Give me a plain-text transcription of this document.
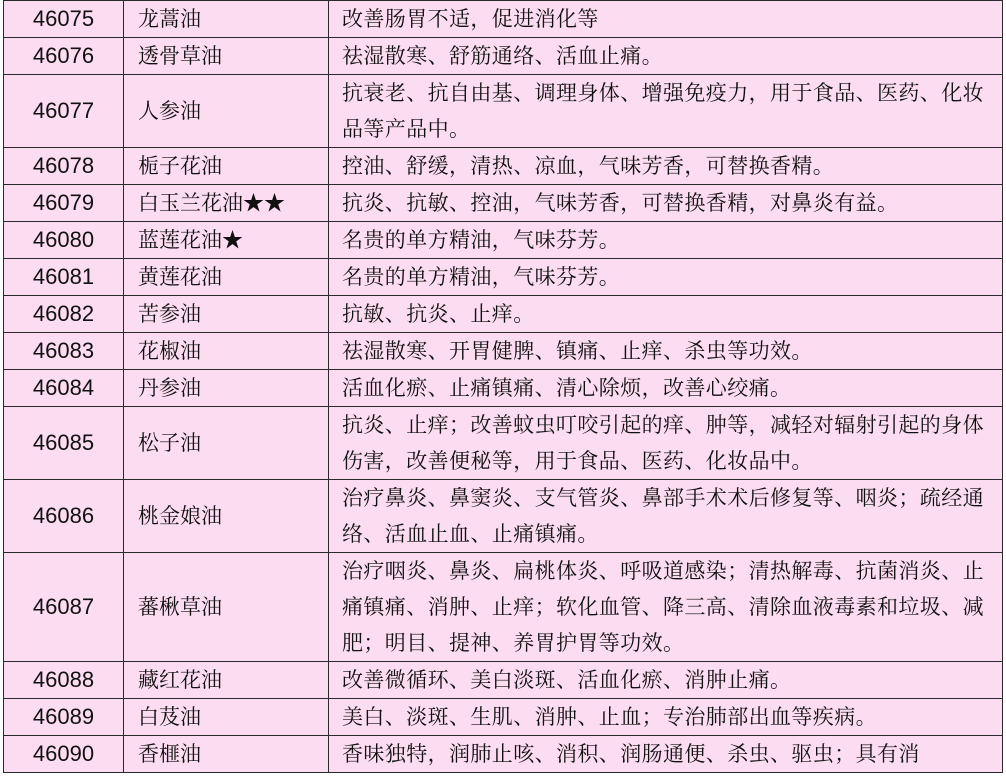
46075	龙蒿油	改善肠胃不适，促进消化等
46076	透骨草油	祛湿散寒、舒筋通络、活血止痛。
46077	人参油	抗衰老、抗自由基、调理身体、增强免疫力，用于食品、医药、化妆品等产品中。
46078	栀子花油	控油、舒缓，清热、凉血，气味芳香，可替换香精。
46079	白玉兰花油★★	抗炎、抗敏、控油，气味芳香，可替换香精，对鼻炎有益。
46080	蓝莲花油★	名贵的单方精油，气味芬芳。
46081	黄莲花油	名贵的单方精油，气味芬芳。
46082	苦参油	抗敏、抗炎、止痒。
46083	花椒油	祛湿散寒、开胃健脾、镇痛、止痒、杀虫等功效。
46084	丹参油	活血化瘀、止痛镇痛、清心除烦，改善心绞痛。
46085	松子油	抗炎、止痒；改善蚊虫叮咬引起的痒、肿等，减轻对辐射引起的身体伤害，改善便秘等，用于食品、医药、化妆品中。
46086	桃金娘油	治疗鼻炎、鼻窦炎、支气管炎、鼻部手术术后修复等、咽炎；疏经通络、活血止血、止痛镇痛。
46087	蕃楸草油	治疗咽炎、鼻炎、扁桃体炎、呼吸道感染；清热解毒、抗菌消炎、止痛镇痛、消肿、止痒；软化血管、降三高、清除血液毒素和垃圾、减肥；明目、提神、养胃护胃等功效。
46088	藏红花油	改善微循环、美白淡斑、活血化瘀、消肿止痛。
46089	白芨油	美白、淡斑、生肌、消肿、止血；专治肺部出血等疾病。
46090	香榧油	香味独特，润肺止咳、消积、润肠通便、杀虫、驱虫；具有消
